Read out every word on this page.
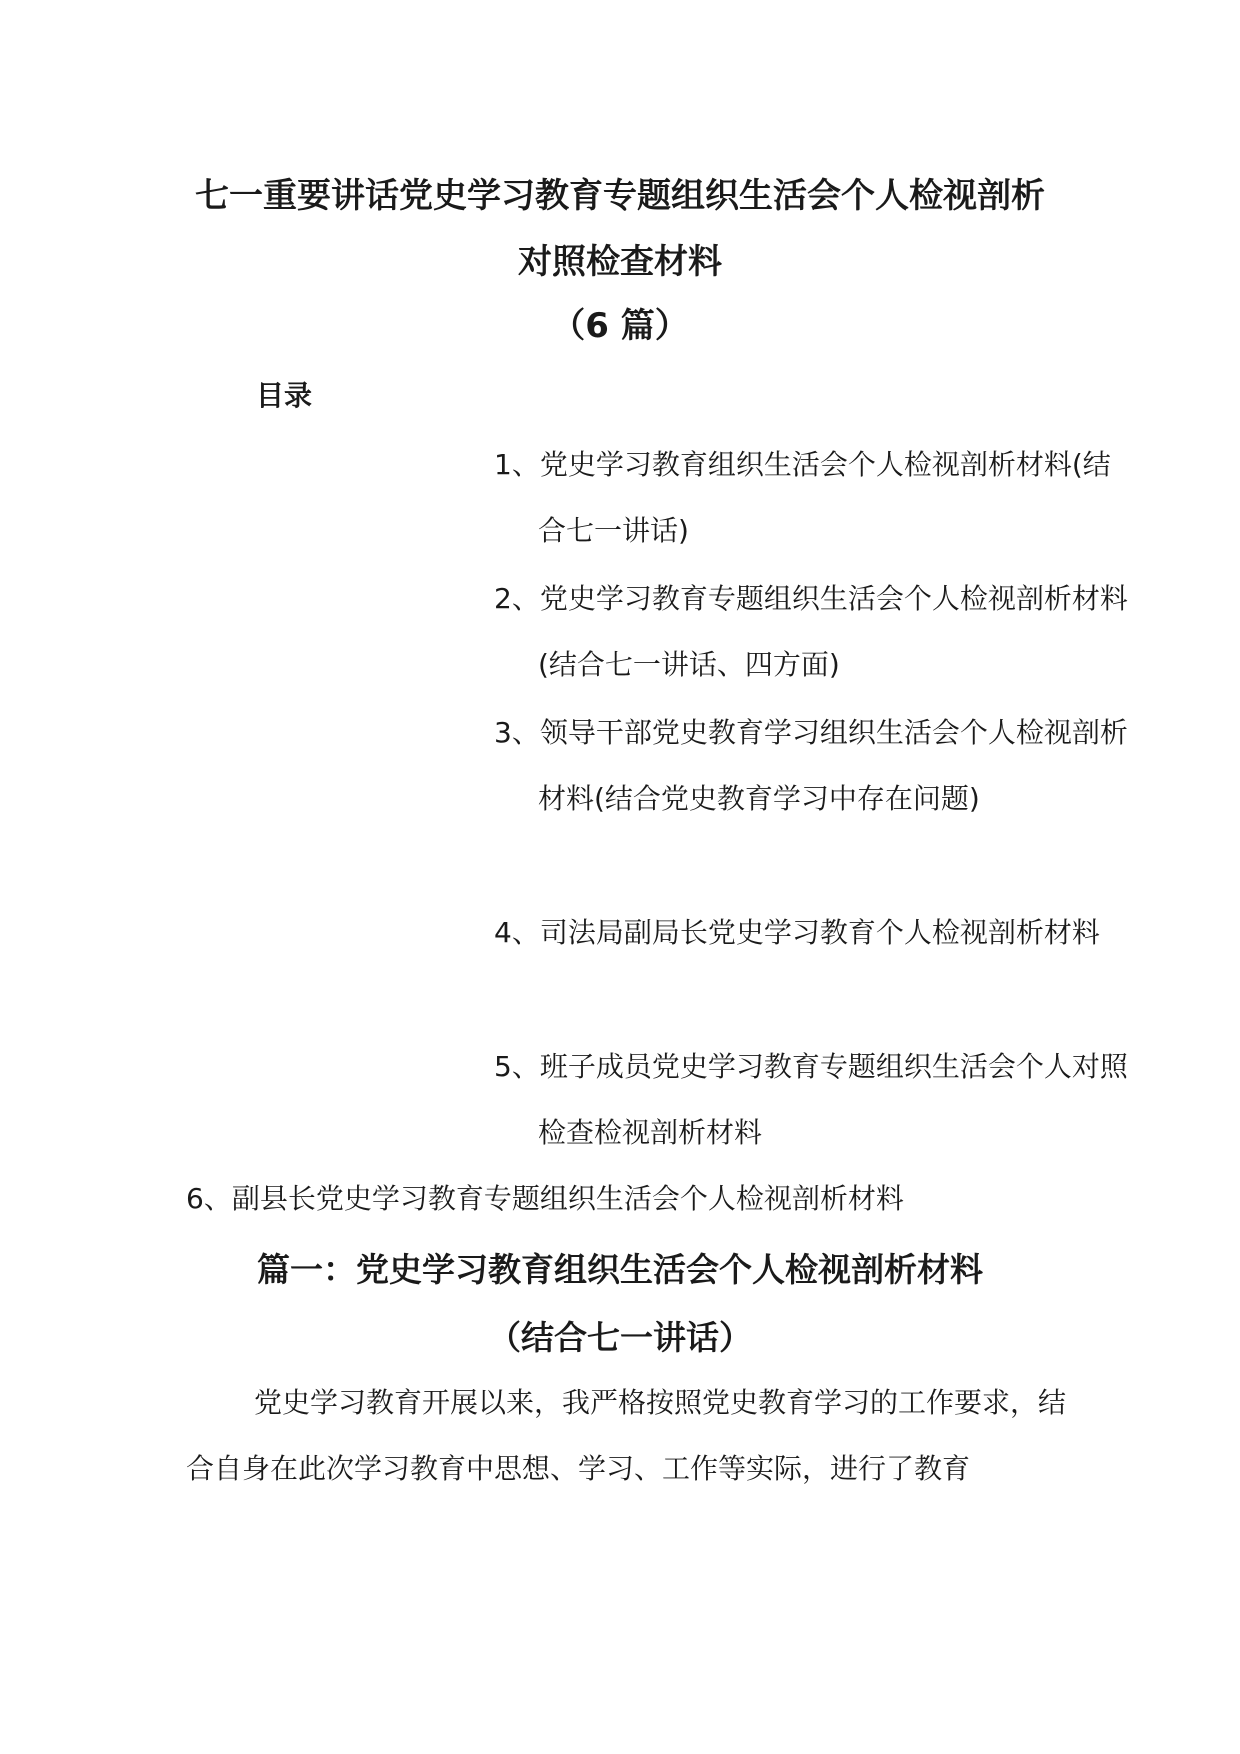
七一重要讲话党史学习教育专题组织生活会个人检视剖析
对照检查材料
（6 篇）
目录

1、党史学习教育组织生活会个人检视剖析材料(结合七一讲话)

2、党史学习教育专题组织生活会个人检视剖析材料(结合七一讲话、四方面)

3、领导干部党史教育学习组织生活会个人检视剖析材料(结合党史教育学习中存在问题)

4、司法局副局长党史学习教育个人检视剖析材料

5、班子成员党史学习教育专题组织生活会个人对照检查检视剖析材料

6、副县长党史学习教育专题组织生活会个人检视剖析材料

篇一：党史学习教育组织生活会个人检视剖析材料
（结合七一讲话）

党史学习教育开展以来，我严格按照党史教育学习的工作要求，结合自身在此次学习教育中思想、学习、工作等实际，进行了教育
